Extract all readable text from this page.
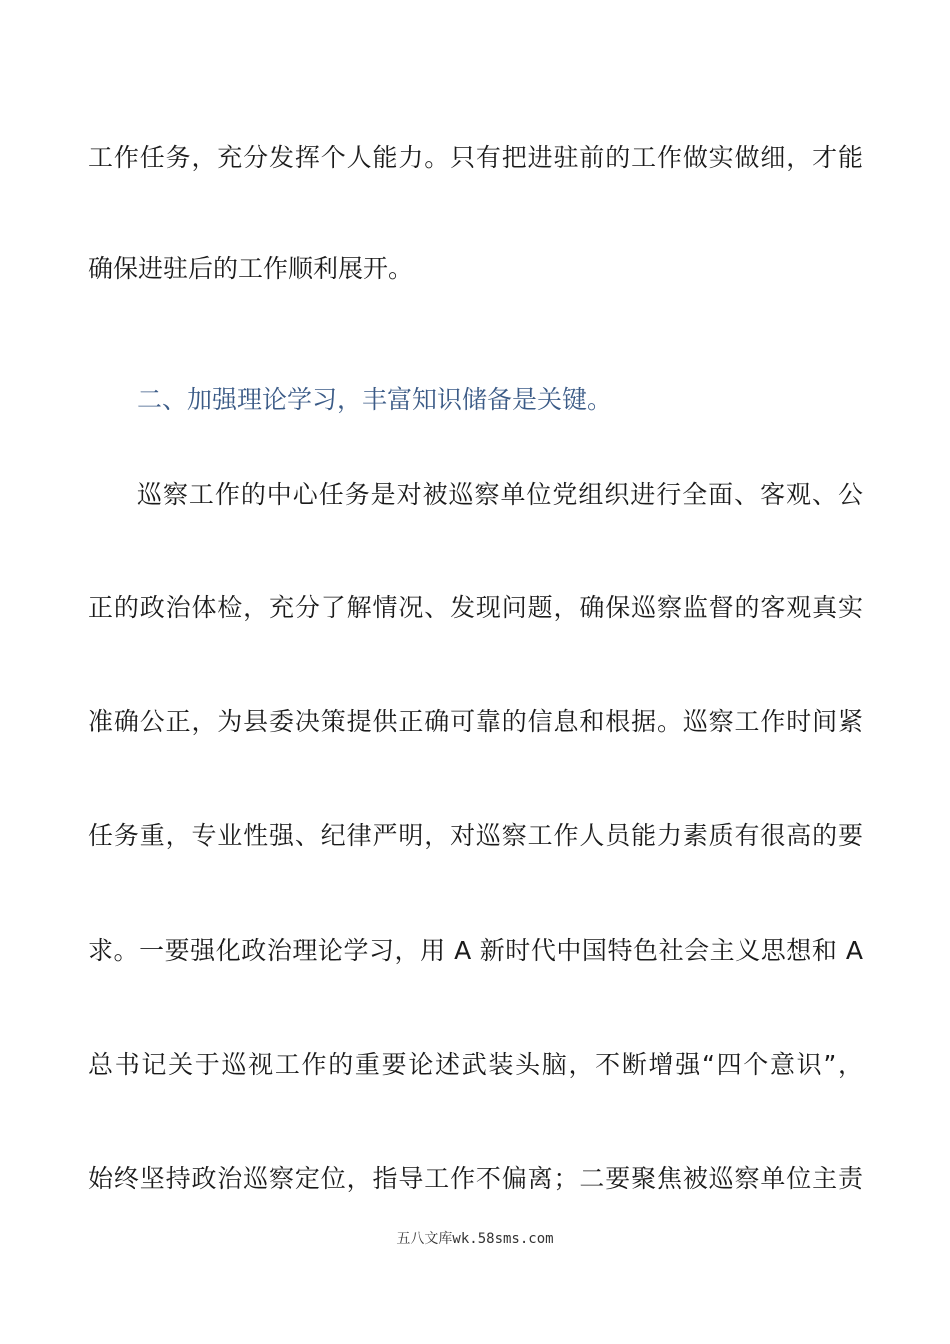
工作任务，充分发挥个人能力。只有把进驻前的工作做实做细，才能
确保进驻后的工作顺利展开。
二、加强理论学习，丰富知识储备是关键。
巡察工作的中心任务是对被巡察单位党组织进行全面、客观、公
正的政治体检，充分了解情况、发现问题，确保巡察监督的客观真实
准确公正，为县委决策提供正确可靠的信息和根据。巡察工作时间紧
任务重，专业性强、纪律严明，对巡察工作人员能力素质有很高的要
求。一要强化政治理论学习，用 A 新时代中国特色社会主义思想和 A
总书记关于巡视工作的重要论述武装头脑，不断增强“四个意识”，
始终坚持政治巡察定位，指导工作不偏离；二要聚焦被巡察单位主责
五八文库wk.58sms.com
